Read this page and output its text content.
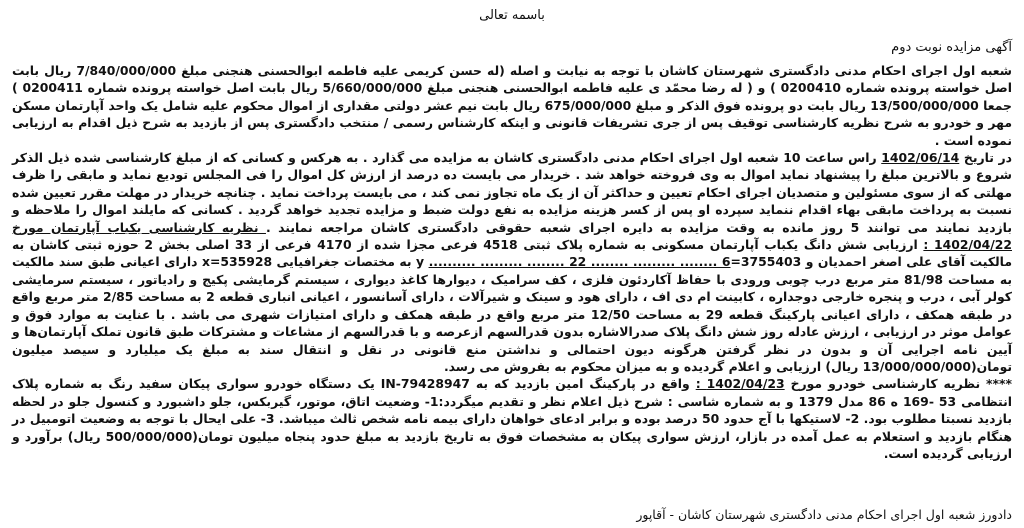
باسمه تعالی
آگهی مزایده نوبت دوم

شعبه اول اجرای احکام مدنی دادگستری شهرستان کاشان با توجه به نیابت و اصله (له حسن کریمی علیه فاطمه ابوالحسنی هنجنی مبلغ 7/840/000/000 ریال بابت اصل خواسته پرونده شماره 0200410 ) و ( له رضا محمّد ی علیه فاطمه ابوالحسنی هنجنی مبلغ 5/660/000/000 ریال بابت اصل خواسته پرونده شماره 0200411 ) جمعا 13/500/000/000 ریال بابت دو پرونده فوق الذکر و مبلغ 675/000/000 ریال بابت نیم عشر دولتی مقداری از اموال محکوم علیه شامل یک واحد آپارتمان مسکن مهر و خودرو به شرح نظریه کارشناسی توقیف پس از جری تشریفات قانونی و اینکه کارشناس رسمی / منتخب دادگستری پس از بازدید به شرح ذیل اقدام به ارزیابی نموده است .

در تاریخ 1402/06/14 راس ساعت 10 شعبه اول اجرای احکام مدنی دادگستری کاشان به مزایده می گذارد . به هرکس و کسانی که از مبلغ کارشناسی شده ذیل الذکر شروع و بالاترین مبلغ را پیشنهاد نماید اموال به وی فروخته خواهد شد . خریدار می بایست ده درصد از ارزش کل اموال را فی المجلس تودیع نماید و مابقی را ظرف مهلتی که از سوی مسئولین و متصدیان اجرای احکام تعیین و حداکثر آن از یک ماه تجاوز نمی کند ، می بایست پرداخت نماید . چنانچه خریدار در مهلت مقرر تعیین شده نسبت به پرداخت مابقی بهاء اقدام ننماید سپرده او پس از کسر هزینه مزایده به نفع دولت ضبط و مزایده تجدید خواهد گردید . کسانی که مایلند اموال را ملاحظه و بازدید نمایند می توانند 5 روز مانده به وقت مزایده به دایره اجرای شعبه حقوقی دادگستری کاشان مراجعه نمایند . نظریه کارشناسی یکباب آپارتمان مورخ 1402/04/22 : ارزیابی شش دانگ یکباب آپارتمان مسکونی به شماره پلاک ثبتی 4518 فرعی مجزا شده از 4170 فرعی از 33 اصلی بخش 2 حوزه ثبتی کاشان به مالکیت آقای علی اصغر احمدیان و 3755403=y .......... ......... ........ 22 ........ ......... ........ 6 به مختصات جغرافیایی x=535928 دارای اعیانی طبق سند مالکیت به مساحت 81/98 متر مربع درب چوبی ورودی با حفاظ آکاردئون فلزی ، کف سرامیک ، دیوارها کاغذ دیواری ، سیستم گرمایشی پکیج و رادیاتور ، سیستم سرمایشی کولر آبی ، درب و پنجره خارجی دوجداره ، کابینت ام دی اف ، دارای هود و سینک و شیرآلات ، دارای آسانسور ، اعیانی انباری قطعه 2 به مساحت 2/85 متر مربع واقع در طبقه همکف ، دارای اعیانی پارکینگ قطعه 29 به مساحت 12/50 متر مربع واقع در طبقه همکف و دارای امتیازات شهری می باشد . با عنایت به موارد فوق و عوامل موثر در ارزیابی ، ارزش عادله روز شش دانگ پلاک صدرالاشاره بدون قدرالسهم ازعرصه و با قدرالسهم از مشاعات و مشترکات طبق قانون تملک آپارتمان‌ها و آیین نامه اجرایی آن و بدون در نظر گرفتن هرگونه دیون احتمالی و نداشتن منع قانونی در نقل و انتقال سند به مبلغ یک میلیارد و سیصد میلیون تومان(13/000/000/000 ریال) ارزیابی و اعلام گردیده و به میزان محکوم به بفروش می رسد.

**** نظریه کارشناسی خودرو مورخ 1402/04/23 : واقع در پارکینگ امین بازدید که به IN-79428947 یک دستگاه خودرو سواری پیکان سفید رنگ به شماره پلاک انتظامی 53 -169 ه 86 مدل 1379 و به شماره شاسی : شرح ذیل اعلام نظر و تقدیم میگردد:1- وضعیت اتاق، موتور، گیربکس، جلو داشبورد و کنسول جلو در لحظه بازدید نسبتا مطلوب بود. 2- لاستیکها با آج حدود 50 درصد بوده و برابر ادعای خواهان دارای بیمه نامه شخص ثالث میباشد. 3- علی ایحال با توجه به وضعیت اتومبیل در هنگام بازدید و استعلام به عمل آمده در بازار، ارزش سواری پیکان به مشخصات فوق به تاریخ بازدید به مبلغ حدود پنجاه میلیون تومان(500/000/000 ریال) برآورد و ارزیابی گردیده است.

دادورز شعبه اول اجرای احکام مدنی دادگستری شهرستان کاشان - آقاپور
